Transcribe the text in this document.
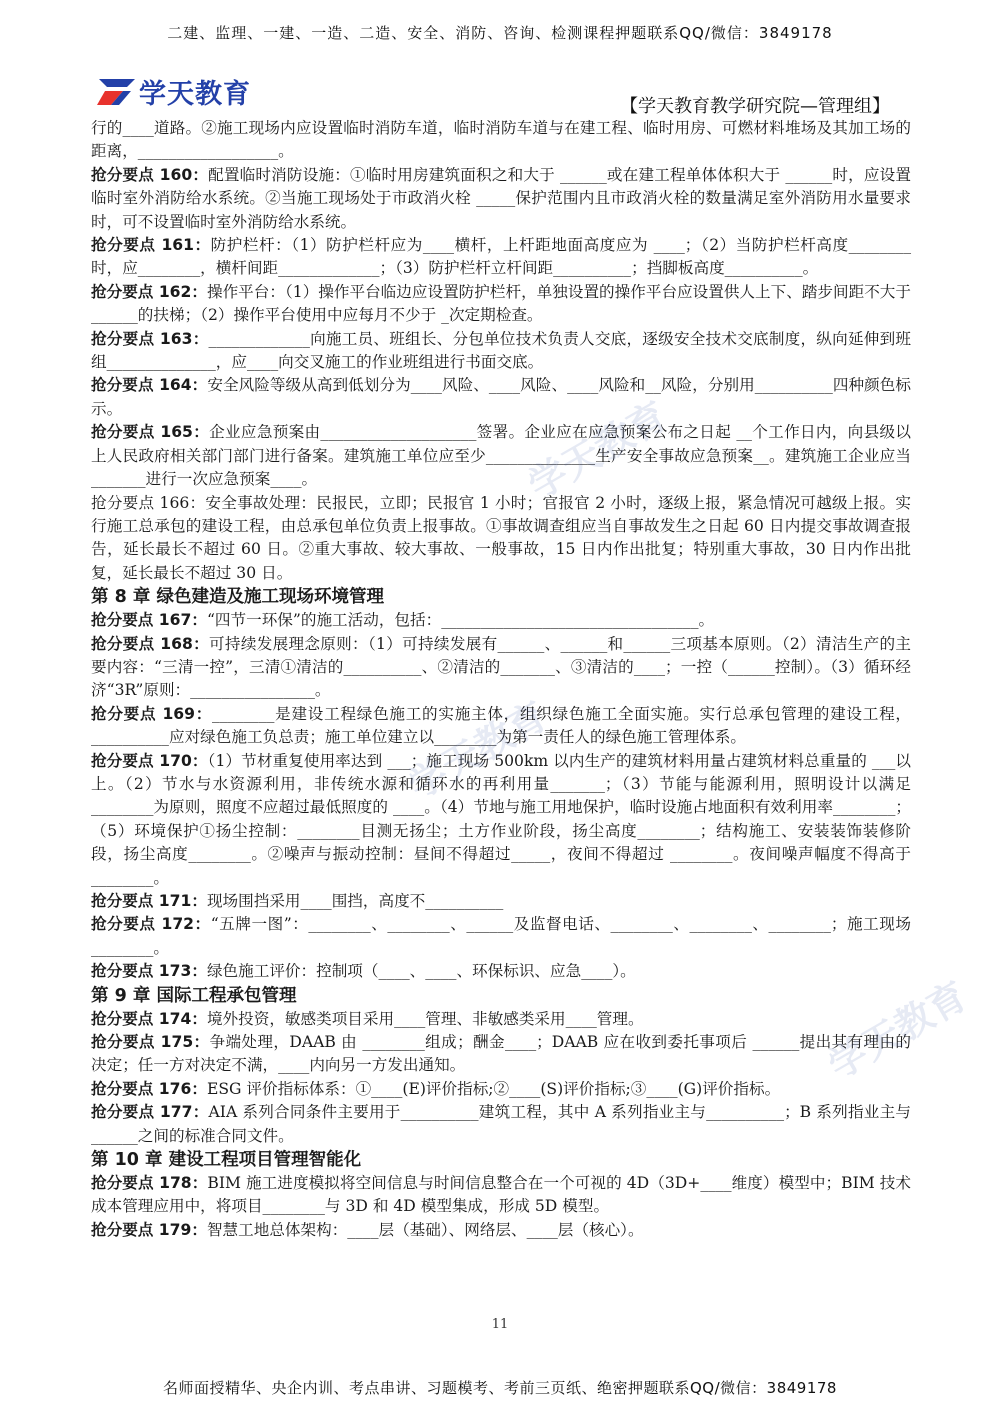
二建、监理、一建、一造、二造、安全、消防、咨询、检测课程押题联系QQ/微信：3849178
学天教育	【学天教育教学研究院—管理组】

行的____道路。②施工现场内应设置临时消防车道，临时消防车道与在建工程、临时用房、可燃材料堆场及其加工场的距离，__________________。

抢分要点 160：配置临时消防设施：①临时用房建筑面积之和大于 ______或在建工程单体体积大于 ______时，应设置临时室外消防给水系统。②当施工现场处于市政消火栓 _____保护范围内且市政消火栓的数量满足室外消防用水量要求时，可不设置临时室外消防给水系统。

抢分要点 161：防护栏杆：（1）防护栏杆应为____横杆，上杆距地面高度应为 ____；（2）当防护栏杆高度________时，应________，横杆间距_____________；（3）防护栏杆立杆间距__________；挡脚板高度__________。

抢分要点 162：操作平台：（1）操作平台临边应设置防护栏杆，单独设置的操作平台应设置供人上下、踏步间距不大于 ______的扶梯；（2）操作平台使用中应每月不少于 _次定期检查。

抢分要点 163：_____________向施工员、班组长、分包单位技术负责人交底，逐级安全技术交底制度，纵向延伸到班组______________，应____向交叉施工的作业班组进行书面交底。

抢分要点 164：安全风险等级从高到低划分为____风险、____风险、____风险和__风险，分别用__________四种颜色标示。

抢分要点 165：企业应急预案由____________________签署。企业应在应急预案公布之日起 __个工作日内，向县级以上人民政府相关部门部门进行备案。建筑施工单位应至少______________生产安全事故应急预案__。建筑施工企业应当_______进行一次应急预案____。

抢分要点 166：安全事故处理：民报民，立即；民报官 1 小时；官报官 2 小时，逐级上报，紧急情况可越级上报。实行施工总承包的建设工程，由总承包单位负责上报事故。①事故调查组应当自事故发生之日起 60 日内提交事故调查报告，延长最长不超过 60 日。②重大事故、较大事故、一般事故，15 日内作出批复；特别重大事故，30 日内作出批复，延长最长不超过 30 日。

第 8 章 绿色建造及施工现场环境管理

抢分要点 167：“四节一环保”的施工活动，包括：_________________________________。

抢分要点 168：可持续发展理念原则：（1）可持续发展有______、______和______三项基本原则。（2）清洁生产的主要内容：“三清一控”，三清①清洁的__________、②清洁的_______、③清洁的____；一控（______控制）。（3）循环经济“3R”原则：________________。

抢分要点 169：________是建设工程绿色施工的实施主体，组织绿色施工全面实施。实行总承包管理的建设工程，__________应对绿色施工负总责；施工单位建立以________为第一责任人的绿色施工管理体系。

抢分要点 170：（1）节材重复使用率达到 ___；施工现场 500km 以内生产的建筑材料用量占建筑材料总重量的 ___以上。（2）节水与水资源利用，非传统水源和循环水的再利用量_______；（3）节能与能源利用，照明设计以满足________为原则，照度不应超过最低照度的 ____。（4）节地与施工用地保护，临时设施占地面积有效利用率________；（5）环境保护①扬尘控制：________目测无扬尘；土方作业阶段，扬尘高度________；结构施工、安装装饰装修阶段，扬尘高度________。②噪声与振动控制：昼间不得超过_____，夜间不得超过 ________。夜间噪声幅度不得高于________。

抢分要点 171：现场围挡采用____围挡，高度不__________

抢分要点 172：“五牌一图”：________、________、______及监督电话、________、________、________；施工现场________。

抢分要点 173：绿色施工评价：控制项（____、____、环保标识、应急____）。

第 9 章 国际工程承包管理

抢分要点 174：境外投资，敏感类项目采用____管理、非敏感类采用____管理。

抢分要点 175：争端处理，DAAB 由 ________组成；酬金____；DAAB 应在收到委托事项后 ______提出其有理由的决定；任一方对决定不满，____内向另一方发出通知。

抢分要点 176：ESG 评价指标体系：①____(E)评价指标;②____(S)评价指标;③____(G)评价指标。

抢分要点 177：AIA 系列合同条件主要用于__________建筑工程，其中 A 系列指业主与__________；B 系列指业主与______之间的标准合同文件。

第 10 章 建设工程项目管理智能化

抢分要点 178：BIM 施工进度模拟将空间信息与时间信息整合在一个可视的 4D（3D+____维度）模型中；BIM 技术成本管理应用中，将项目________与 3D 和 4D 模型集成，形成 5D 模型。

抢分要点 179：智慧工地总体架构：____层（基础）、网络层、____层（核心）。

学天教育
学天教育
学天教育
11
名师面授精华、央企内训、考点串讲、习题模考、考前三页纸、绝密押题联系QQ/微信：3849178
